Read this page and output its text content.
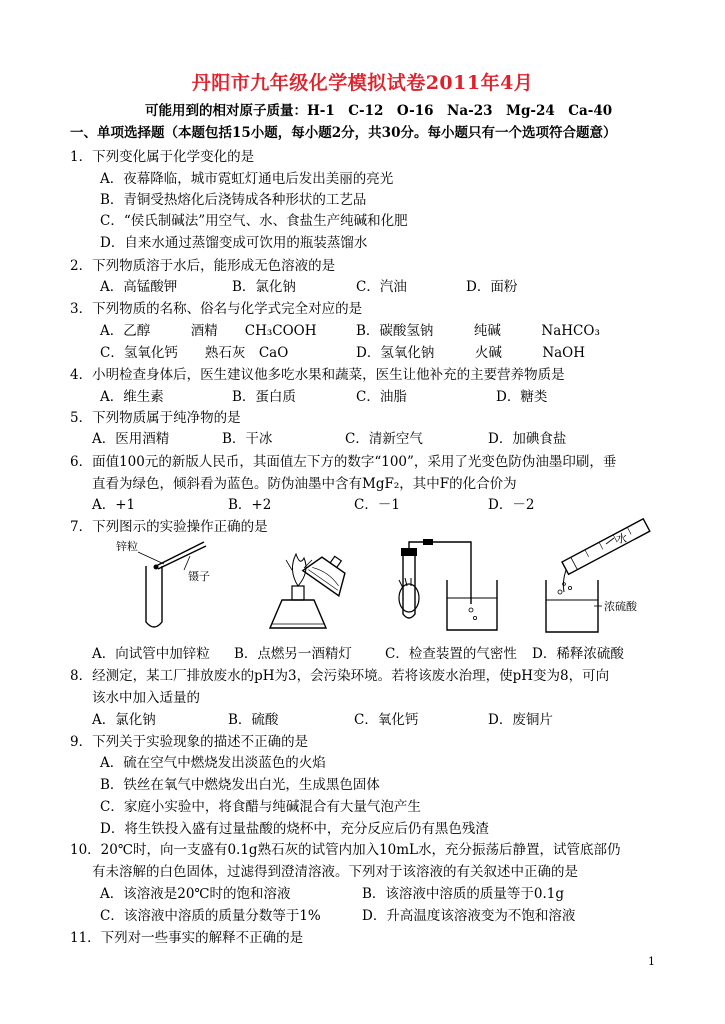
丹阳市九年级化学模拟试卷2011年4月
可能用到的相对原子质量：H-1　C-12　O-16　Na-23　Mg-24　Ca-40
一、单项选择题（本题包括15小题，每小题2分，共30分。每小题只有一个选项符合题意）
1．下列变化属于化学变化的是
A．夜幕降临，城市霓虹灯通电后发出美丽的亮光
B．青铜受热熔化后浇铸成各种形状的工艺品
C．“侯氏制碱法”用空气、水、食盐生产纯碱和化肥
D．自来水通过蒸馏变成可饮用的瓶装蒸馏水
2．下列物质溶于水后，能形成无色溶液的是
A．高锰酸钾	B．氯化钠	C．汽油	D．面粉
3．下列物质的名称、俗名与化学式完全对应的是
A．乙醇　　　酒精　　CH₃COOH	B．碳酸氢钠　　　纯碱　　　NaHCO₃
C．氢氧化钙　　熟石灰　CaO	D．氢氧化钠　　　火碱　　　NaOH
4．小明检查身体后，医生建议他多吃水果和蔬菜，医生让他补充的主要营养物质是
A．维生素	B．蛋白质	C．油脂	D．糖类
5．下列物质属于纯净物的是
A．医用酒精	B．干冰	C．清新空气	D．加碘食盐
6．面值100元的新版人民币，其面值左下方的数字“100”，采用了光变色防伪油墨印刷，垂
直看为绿色，倾斜看为蓝色。防伪油墨中含有MgF₂，其中F的化合价为
A．+1	B．+2	C．－1	D．－2
7．下列图示的实验操作正确的是
锌粒
镊子
水
浓硫酸
A．向试管中加锌粒 B．点燃另一酒精灯 C．检查装置的气密性 D．稀释浓硫酸
8．经测定，某工厂排放废水的pH为3，会污染环境。若将该废水治理，使pH变为8，可向
该水中加入适量的
A．氯化钠	B．硫酸	C．氧化钙	D．废铜片
9．下列关于实验现象的描述不正确的是
A．硫在空气中燃烧发出淡蓝色的火焰
B．铁丝在氧气中燃烧发出白光，生成黑色固体
C．家庭小实验中，将食醋与纯碱混合有大量气泡产生
D．将生铁投入盛有过量盐酸的烧杯中，充分反应后仍有黑色残渣
10．20℃时，向一支盛有0.1g熟石灰的试管内加入10mL水，充分振荡后静置，试管底部仍
有未溶解的白色固体，过滤得到澄清溶液。下列对于该溶液的有关叙述中正确的是
A．该溶液是20℃时的饱和溶液	B．该溶液中溶质的质量等于0.1g
C．该溶液中溶质的质量分数等于1%	D．升高温度该溶液变为不饱和溶液
11．下列对一些事实的解释不正确的是
1
